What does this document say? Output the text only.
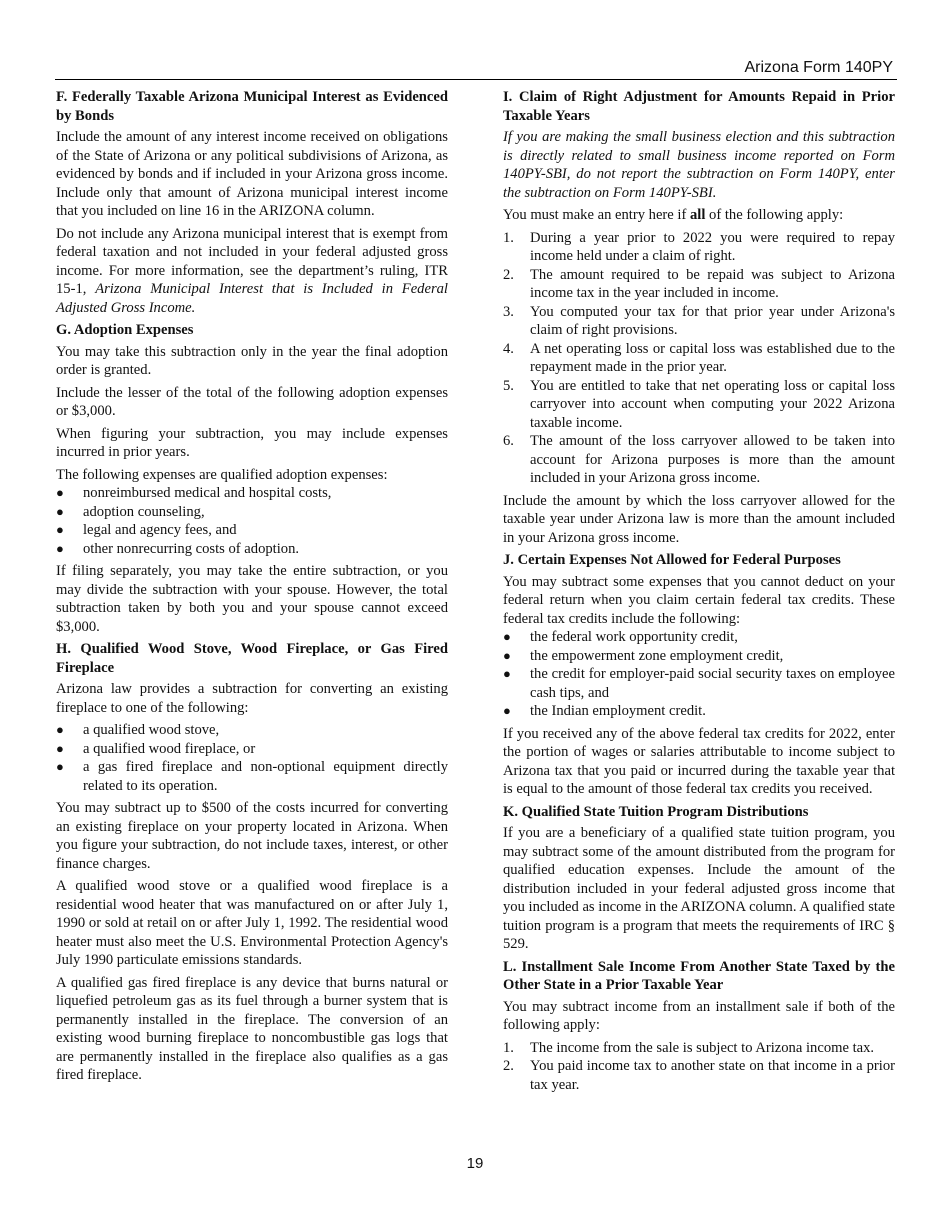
Arizona Form 140PY
F. Federally Taxable Arizona Municipal Interest as Evidenced by Bonds

Include the amount of any interest income received on obligations of the State of Arizona or any political subdivisions of Arizona, as evidenced by bonds and if included in your Arizona gross income. Include only that amount of Arizona municipal interest income that you included on line 16 in the ARIZONA column.

Do not include any Arizona municipal interest that is exempt from federal taxation and not included in your federal adjusted gross income. For more information, see the department’s ruling, ITR 15-1, Arizona Municipal Interest that is Included in Federal Adjusted Gross Income.

G. Adoption Expenses

You may take this subtraction only in the year the final adoption order is granted.

Include the lesser of the total of the following adoption expenses or $3,000.

When figuring your subtraction, you may include expenses incurred in prior years.

The following expenses are qualified adoption expenses:

● nonreimbursed medical and hospital costs,
● adoption counseling,
● legal and agency fees, and
● other nonrecurring costs of adoption.

If filing separately, you may take the entire subtraction, or you may divide the subtraction with your spouse. However, the total subtraction taken by both you and your spouse cannot exceed $3,000.

H. Qualified Wood Stove, Wood Fireplace, or Gas Fired Fireplace

Arizona law provides a subtraction for converting an existing fireplace to one of the following:

● a qualified wood stove,
● a qualified wood fireplace, or
● a gas fired fireplace and non-optional equipment directly related to its operation.

You may subtract up to $500 of the costs incurred for converting an existing fireplace on your property located in Arizona. When you figure your subtraction, do not include taxes, interest, or other finance charges.

A qualified wood stove or a qualified wood fireplace is a residential wood heater that was manufactured on or after July 1, 1990 or sold at retail on or after July 1, 1992. The residential wood heater must also meet the U.S. Environmental Protection Agency's July 1990 particulate emissions standards.

A qualified gas fired fireplace is any device that burns natural or liquefied petroleum gas as its fuel through a burner system that is permanently installed in the fireplace. The conversion of an existing wood burning fireplace to noncombustible gas logs that are permanently installed in the fireplace also qualifies as a gas fired fireplace.

I. Claim of Right Adjustment for Amounts Repaid in Prior Taxable Years

If you are making the small business election and this subtraction is directly related to small business income reported on Form 140PY-SBI, do not report the subtraction on Form 140PY, enter the subtraction on Form 140PY-SBI.

You must make an entry here if all of the following apply:

1. During a year prior to 2022 you were required to repay income held under a claim of right.
2. The amount required to be repaid was subject to Arizona income tax in the year included in income.
3. You computed your tax for that prior year under Arizona's claim of right provisions.
4. A net operating loss or capital loss was established due to the repayment made in the prior year.
5. You are entitled to take that net operating loss or capital loss carryover into account when computing your 2022 Arizona taxable income.
6. The amount of the loss carryover allowed to be taken into account for Arizona purposes is more than the amount included in your Arizona gross income.

Include the amount by which the loss carryover allowed for the taxable year under Arizona law is more than the amount included in your Arizona gross income.

J. Certain Expenses Not Allowed for Federal Purposes

You may subtract some expenses that you cannot deduct on your federal return when you claim certain federal tax credits. These federal tax credits include the following:

● the federal work opportunity credit,
● the empowerment zone employment credit,
● the credit for employer-paid social security taxes on employee cash tips, and
● the Indian employment credit.

If you received any of the above federal tax credits for 2022, enter the portion of wages or salaries attributable to income subject to Arizona tax that you paid or incurred during the taxable year that is equal to the amount of those federal tax credits you received.

K. Qualified State Tuition Program Distributions

If you are a beneficiary of a qualified state tuition program, you may subtract some of the amount distributed from the program for qualified education expenses. Include the amount of the distribution included in your federal adjusted gross income that you included as income in the ARIZONA column. A qualified state tuition program is a program that meets the requirements of IRC § 529.

L. Installment Sale Income From Another State Taxed by the Other State in a Prior Taxable Year

You may subtract income from an installment sale if both of the following apply:

1. The income from the sale is subject to Arizona income tax.
2. You paid income tax to another state on that income in a prior tax year.
19
